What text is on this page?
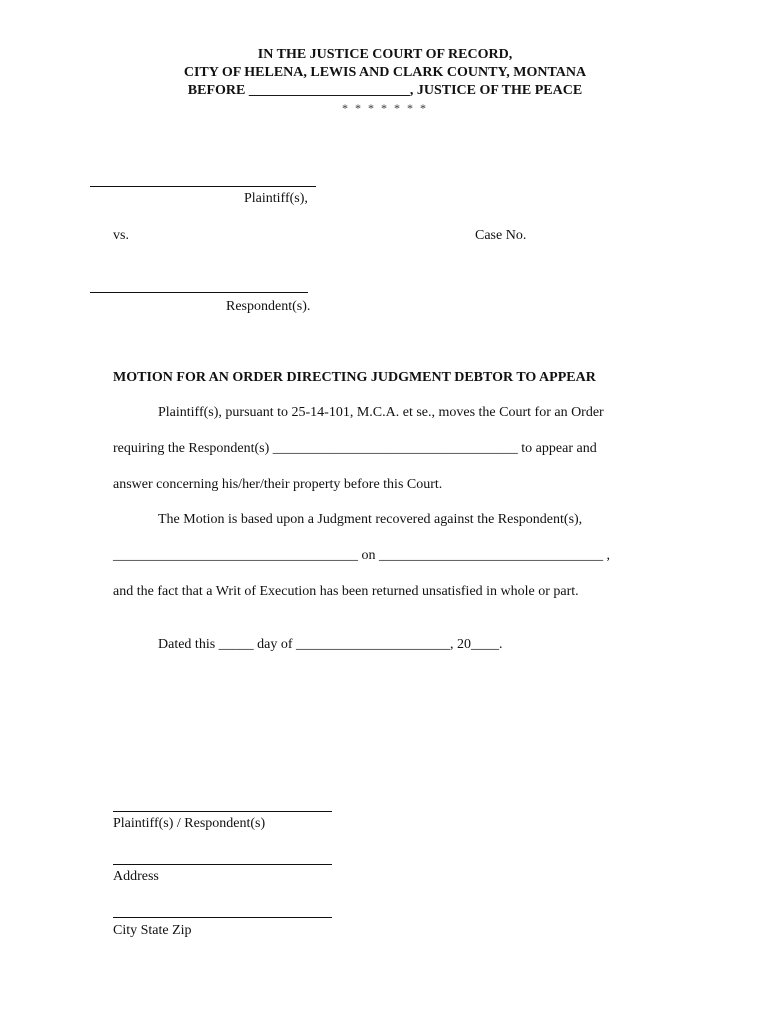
IN THE JUSTICE COURT OF RECORD,
CITY OF HELENA, LEWIS AND CLARK COUNTY, MONTANA
BEFORE _______________________, JUSTICE OF THE PEACE
* * * * * * *
Plaintiff(s),
vs.	Case No.
Respondent(s).
MOTION FOR AN ORDER DIRECTING JUDGMENT DEBTOR TO APPEAR
Plaintiff(s), pursuant to 25-14-101, M.C.A. et se., moves the Court for an Order
requiring the Respondent(s) ___________________________________ to appear and
answer concerning his/her/their property before this Court.
The Motion is based upon a Judgment recovered against the Respondent(s),
___________________________________ on ________________________________ ,
and the fact that a Writ of Execution has been returned unsatisfied in whole or part.
Dated this _____ day of ______________________, 20____.
Plaintiff(s) / Respondent(s)
Address
City State Zip
